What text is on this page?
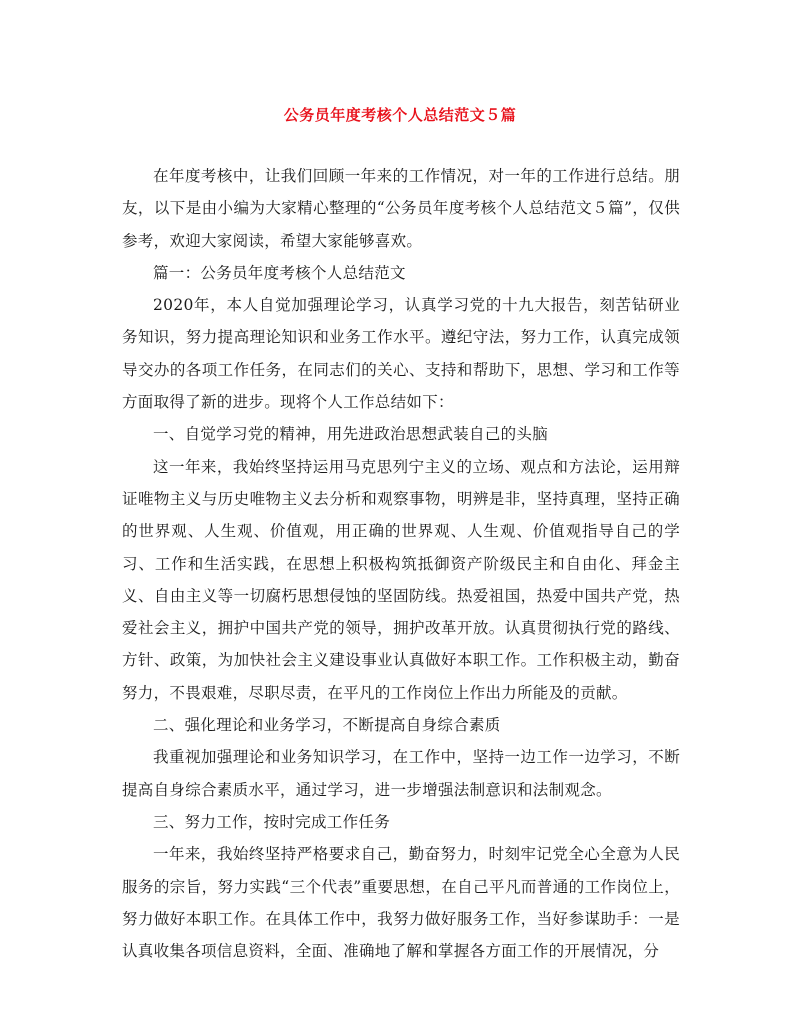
公务员年度考核个人总结范文５篇

在年度考核中，让我们回顾一年来的工作情况，对一年的工作进行总结。朋友，以下是由小编为大家精心整理的“公务员年度考核个人总结范文５篇”，仅供参考，欢迎大家阅读，希望大家能够喜欢。

篇一：公务员年度考核个人总结范文

2020年，本人自觉加强理论学习，认真学习党的十九大报告，刻苦钻研业务知识，努力提高理论知识和业务工作水平。遵纪守法，努力工作，认真完成领导交办的各项工作任务，在同志们的关心、支持和帮助下，思想、学习和工作等方面取得了新的进步。现将个人工作总结如下：

一、自觉学习党的精神，用先进政治思想武装自己的头脑

这一年来，我始终坚持运用马克思列宁主义的立场、观点和方法论，运用辩证唯物主义与历史唯物主义去分析和观察事物，明辨是非，坚持真理，坚持正确的世界观、人生观、价值观，用正确的世界观、人生观、价值观指导自己的学习、工作和生活实践，在思想上积极构筑抵御资产阶级民主和自由化、拜金主义、自由主义等一切腐朽思想侵蚀的坚固防线。热爱祖国，热爱中国共产党，热爱社会主义，拥护中国共产党的领导，拥护改革开放。认真贯彻执行党的路线、方针、政策，为加快社会主义建设事业认真做好本职工作。工作积极主动，勤奋努力，不畏艰难，尽职尽责，在平凡的工作岗位上作出力所能及的贡献。

二、强化理论和业务学习，不断提高自身综合素质

我重视加强理论和业务知识学习，在工作中，坚持一边工作一边学习，不断提高自身综合素质水平，通过学习，进一步增强法制意识和法制观念。

三、努力工作，按时完成工作任务

一年来，我始终坚持严格要求自己，勤奋努力，时刻牢记党全心全意为人民服务的宗旨，努力实践“三个代表”重要思想，在自己平凡而普通的工作岗位上，努力做好本职工作。在具体工作中，我努力做好服务工作，当好参谋助手：一是认真收集各项信息资料，全面、准确地了解和掌握各方面工作的开展情况，分
